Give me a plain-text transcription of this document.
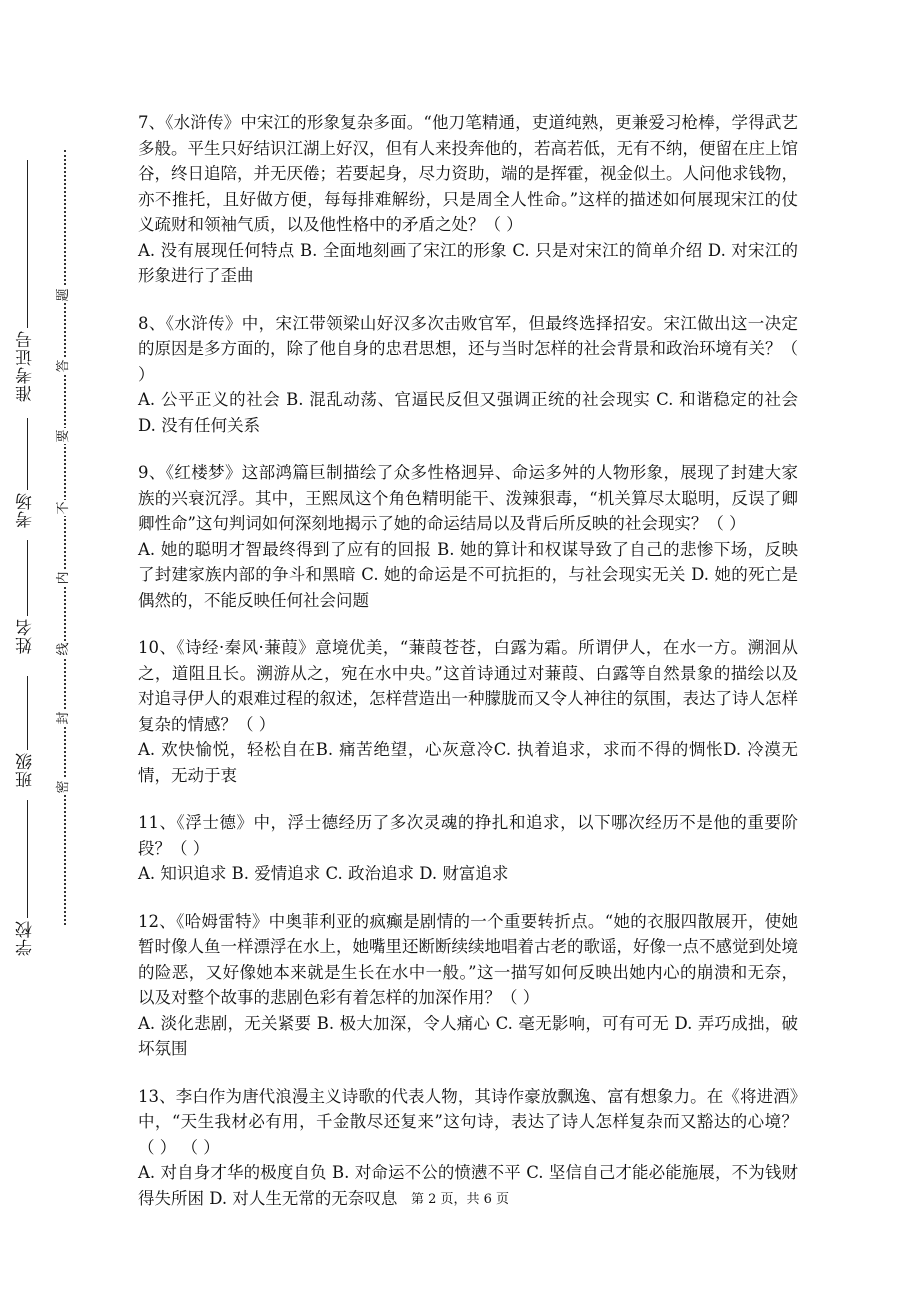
准考证号
考场
姓名
班级
学校
题
答
要
不
内
线
封
密

7、《水浒传》中宋江的形象复杂多面。“他刀笔精通，吏道纯熟，更兼爱习枪棒，学得武艺多般。平生只好结识江湖上好汉，但有人来投奔他的，若高若低，无有不纳，便留在庄上馆谷，终日追陪，并无厌倦；若要起身，尽力资助，端的是挥霍，视金似土。人问他求钱物，亦不推托，且好做方便，每每排难解纷，只是周全人性命。”这样的描述如何展现宋江的仗义疏财和领袖气质，以及他性格中的矛盾之处？（ ）

A. 没有展现任何特点 B. 全面地刻画了宋江的形象 C. 只是对宋江的简单介绍 D. 对宋江的形象进行了歪曲

8、《水浒传》中，宋江带领梁山好汉多次击败官军，但最终选择招安。宋江做出这一决定的原因是多方面的，除了他自身的忠君思想，还与当时怎样的社会背景和政治环境有关？（ ）

A. 公平正义的社会 B. 混乱动荡、官逼民反但又强调正统的社会现实 C. 和谐稳定的社会 D. 没有任何关系

9、《红楼梦》这部鸿篇巨制描绘了众多性格迥异、命运多舛的人物形象，展现了封建大家族的兴衰沉浮。其中，王熙凤这个角色精明能干、泼辣狠毒，“机关算尽太聪明，反误了卿卿性命”这句判词如何深刻地揭示了她的命运结局以及背后所反映的社会现实？（ ）

A. 她的聪明才智最终得到了应有的回报 B. 她的算计和权谋导致了自己的悲惨下场，反映了封建家族内部的争斗和黑暗 C. 她的命运是不可抗拒的，与社会现实无关 D. 她的死亡是偶然的，不能反映任何社会问题

10、《诗经·秦风·蒹葭》意境优美，“蒹葭苍苍，白露为霜。所谓伊人，在水一方。溯洄从之，道阻且长。溯游从之，宛在水中央。”这首诗通过对蒹葭、白露等自然景象的描绘以及对追寻伊人的艰难过程的叙述，怎样营造出一种朦胧而又令人神往的氛围，表达了诗人怎样复杂的情感？（ ）

A. 欢快愉悦，轻松自在B. 痛苦绝望，心灰意冷C. 执着追求，求而不得的惆怅D. 冷漠无情，无动于衷

11、《浮士德》中，浮士德经历了多次灵魂的挣扎和追求，以下哪次经历不是他的重要阶段？（ ）

A. 知识追求 B. 爱情追求 C. 政治追求 D. 财富追求

12、《哈姆雷特》中奥菲利亚的疯癫是剧情的一个重要转折点。“她的衣服四散展开，使她暂时像人鱼一样漂浮在水上，她嘴里还断断续续地唱着古老的歌谣，好像一点不感觉到处境的险恶，又好像她本来就是生长在水中一般。”这一描写如何反映出她内心的崩溃和无奈，以及对整个故事的悲剧色彩有着怎样的加深作用？（ ）

A. 淡化悲剧，无关紧要 B. 极大加深，令人痛心 C. 毫无影响，可有可无 D. 弄巧成拙，破坏氛围

13、李白作为唐代浪漫主义诗歌的代表人物，其诗作豪放飘逸、富有想象力。在《将进酒》中，“天生我材必有用，千金散尽还复来”这句诗，表达了诗人怎样复杂而又豁达的心境？（ ） （ ）

A. 对自身才华的极度自负 B. 对命运不公的愤懑不平 C. 坚信自己才能必能施展，不为钱财得失所困 D. 对人生无常的无奈叹息	第 2 页，共 6 页
